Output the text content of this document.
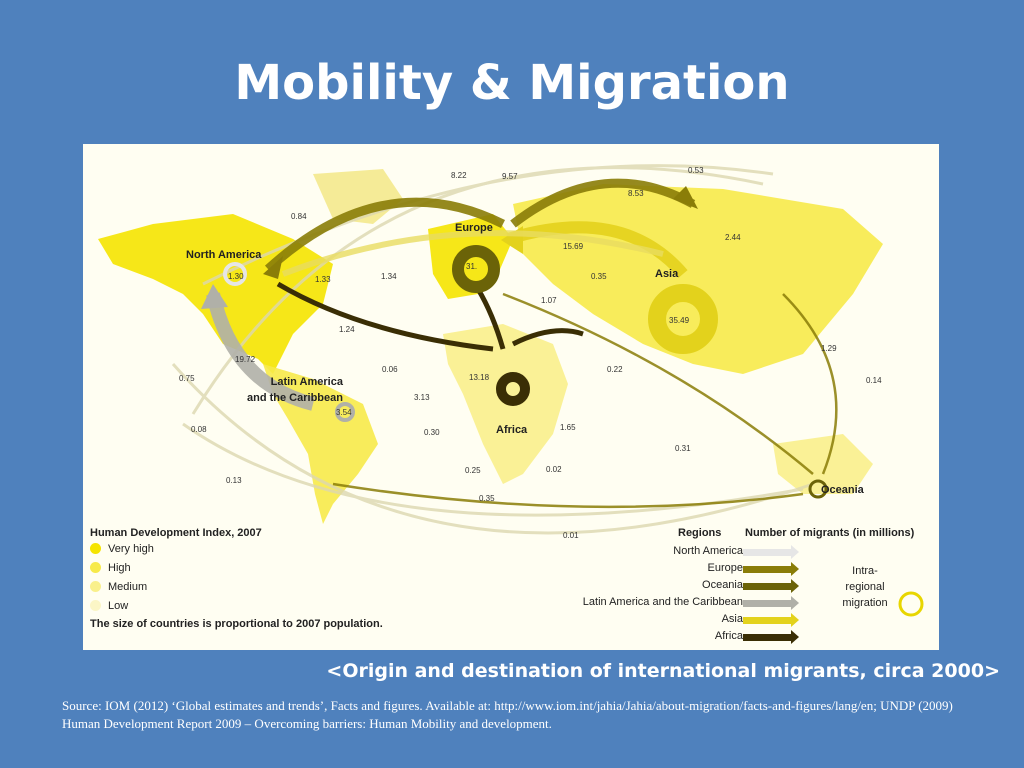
Mobility & Migration
North America
Europe
Asia
Latin America
and the Caribbean
Africa
Oceania
8.22	9.57
0.53
8.53
0.84
2.44
15.69
1.30	1.33	1.34
31.
0.35
1.07
35.49
1.24
1.29
19.72
0.06
13.18
0.22
0.75	0.14
3.54
3.13
0.08	0.30
1.65
0.31
0.25	0.02
0.13
0.35
0.01
Human Development Index, 2007
Very high
High
Medium
Low
The size of countries is proportional to 2007 population.
Regions Number of migrants (in millions)
North America
Europe
Oceania
Latin America and the Caribbean
Asia
Africa
Intra-
regional
migration
<Origin and destination of international migrants, circa 2000>
Source: IOM (2012) ‘Global estimates and trends’, Facts and figures. Available at: http://www.iom.int/jahia/Jahia/about-migration/facts-and-figures/lang/en; UNDP (2009) Human Development Report 2009 – Overcoming barriers: Human Mobility and development.
